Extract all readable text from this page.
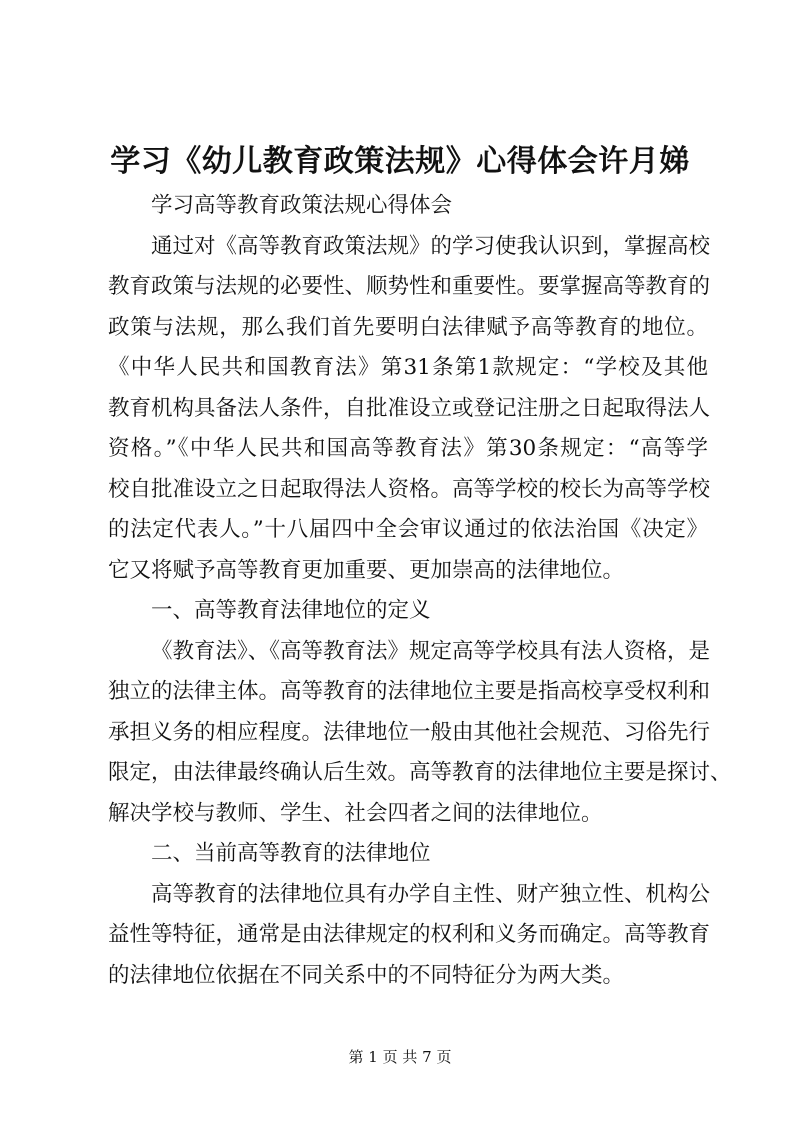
学习《幼儿教育政策法规》心得体会许月娣
学习高等教育政策法规心得体会
通过对《高等教育政策法规》的学习使我认识到，掌握高校
教育政策与法规的必要性、顺势性和重要性。要掌握高等教育的
政策与法规，那么我们首先要明白法律赋予高等教育的地位。
《中华人民共和国教育法》第31条第1款规定：“学校及其他
教育机构具备法人条件，自批准设立或登记注册之日起取得法人
资格。”《中华人民共和国高等教育法》第30条规定：“高等学
校自批准设立之日起取得法人资格。高等学校的校长为高等学校
的法定代表人。”十八届四中全会审议通过的依法治国《决定》
它又将赋予高等教育更加重要、更加崇高的法律地位。
一、高等教育法律地位的定义
《教育法》、《高等教育法》规定高等学校具有法人资格，是
独立的法律主体。高等教育的法律地位主要是指高校享受权利和
承担义务的相应程度。法律地位一般由其他社会规范、习俗先行
限定，由法律最终确认后生效。高等教育的法律地位主要是探讨、
解决学校与教师、学生、社会四者之间的法律地位。
二、当前高等教育的法律地位
高等教育的法律地位具有办学自主性、财产独立性、机构公
益性等特征，通常是由法律规定的权利和义务而确定。高等教育
的法律地位依据在不同关系中的不同特征分为两大类。
第 1 页 共 7 页
